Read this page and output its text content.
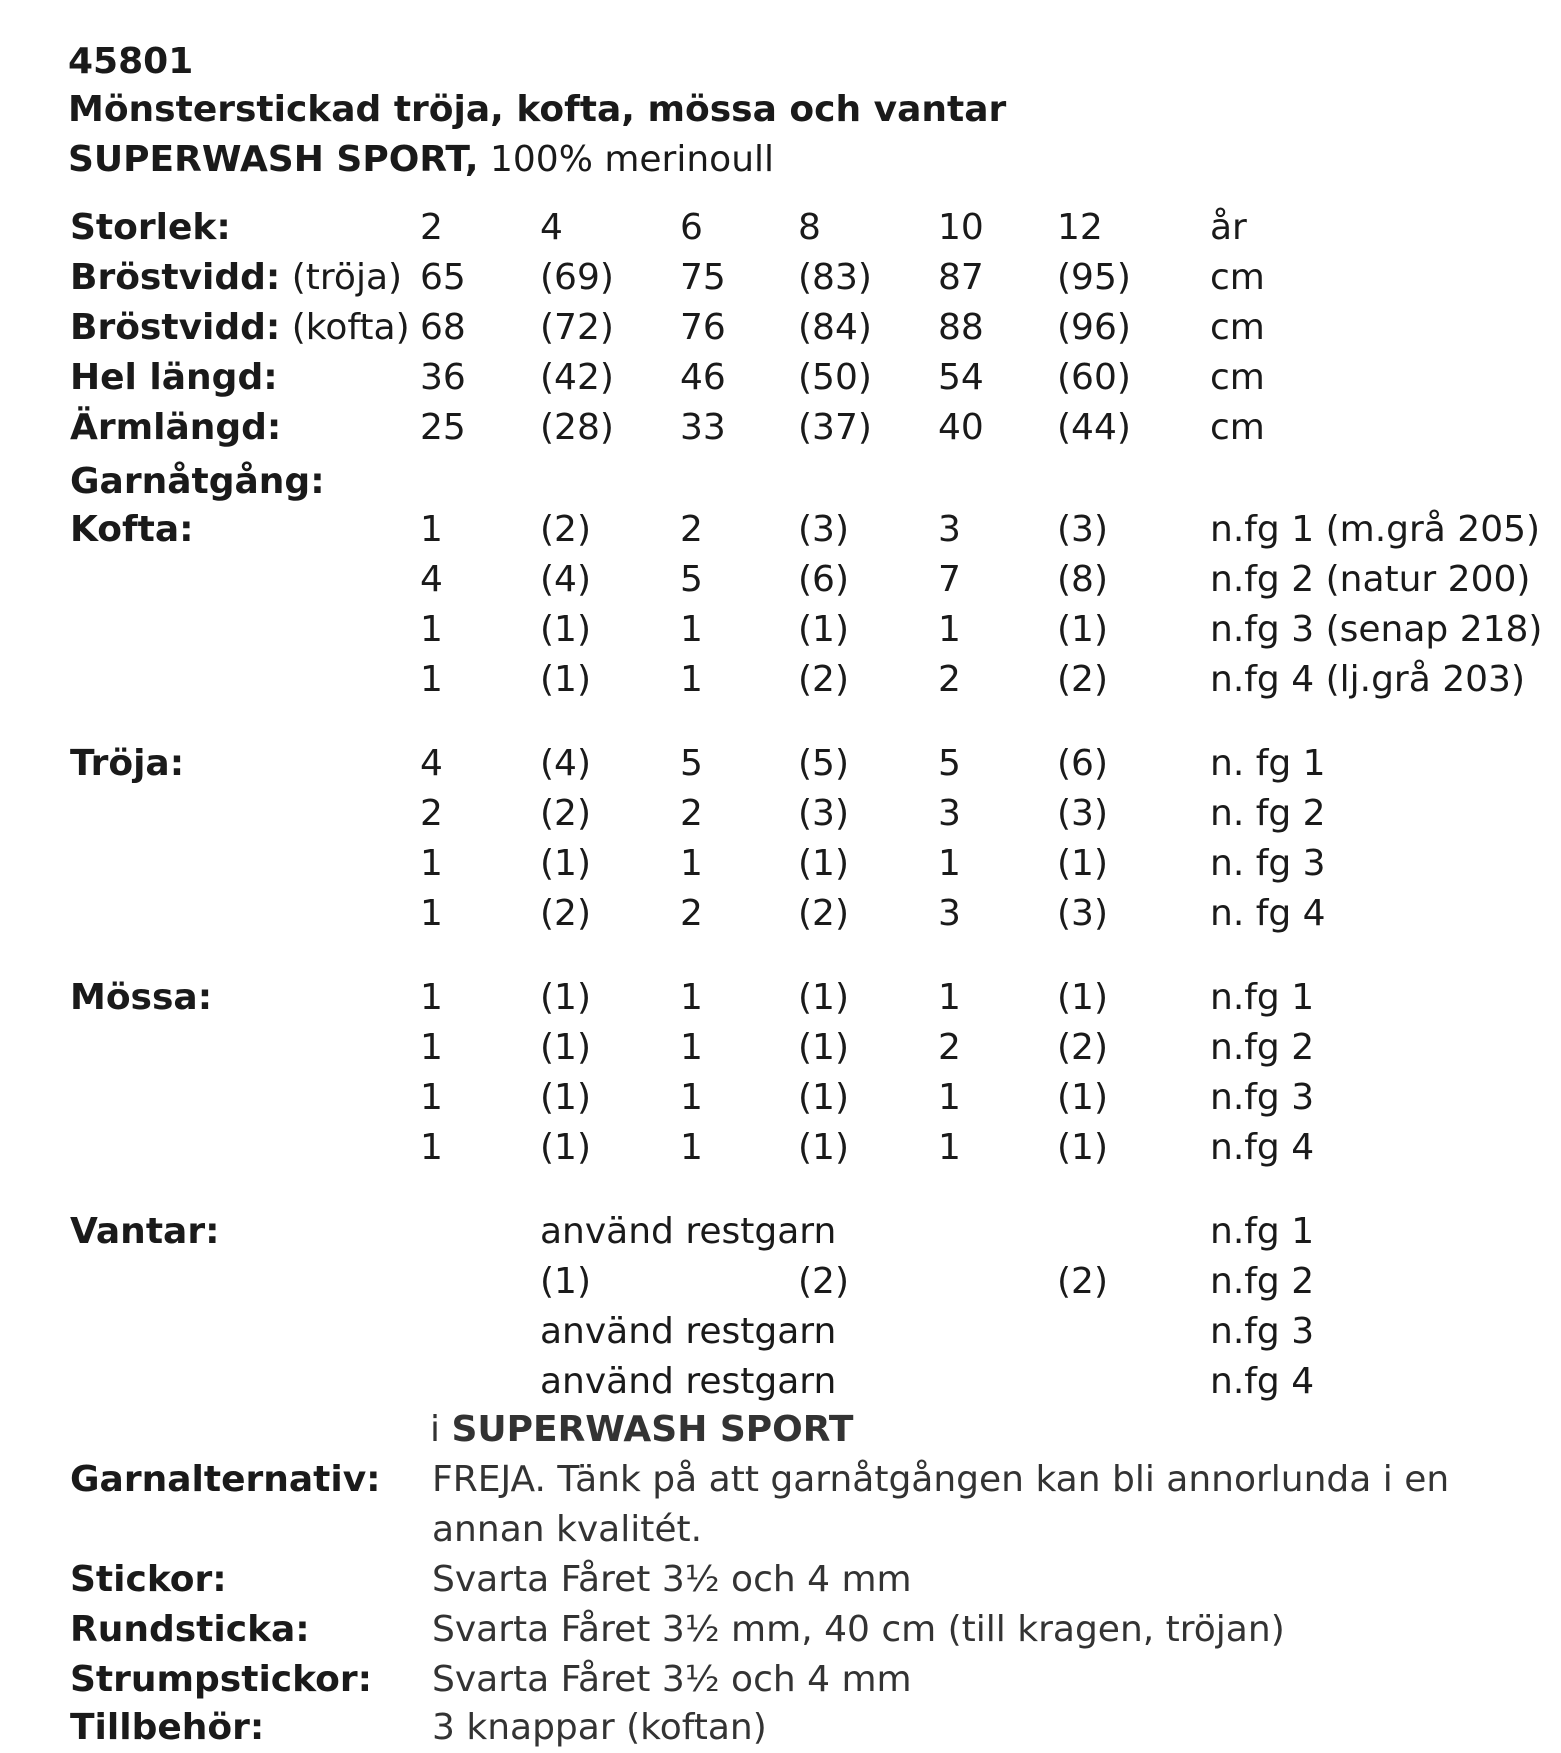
45801
Mönsterstickad tröja, kofta, mössa och vantar
SUPERWASH SPORT, 100% merinoull
Storlek:	2	4	6	8	10 12	år
Bröstvidd: (tröja) 65 (69) 75 (83) 87 (95) cm
Bröstvidd: (kofta) 68 (72) 76 (84) 88 (96) cm
Hel längd:	36 (42) 46 (50) 54 (60) cm
Ärmlängd:	25 (28) 33 (37) 40 (44) cm
Garnåtgång:
Kofta:	1	(2) 2	(3) 3	(3)	n.fg 1 (m.grå 205)
4	(4) 5	(6) 7	(8)	n.fg 2 (natur 200)
1	(1) 1	(1) 1	(1)	n.fg 3 (senap 218)
1	(1) 1	(2) 2	(2)	n.fg 4 (lj.grå 203)
Tröja:	4	(4) 5	(5) 5	(6)	n. fg 1
2	(2) 2	(3) 3	(3)	n. fg 2
1	(1) 1	(1) 1	(1)	n. fg 3
1	(2) 2	(2) 3	(3)	n. fg 4
Mössa:	1	(1) 1	(1) 1	(1)	n.fg 1
1	(1) 1	(1) 2	(2)	n.fg 2
1	(1) 1	(1) 1	(1)	n.fg 3
1	(1) 1	(1) 1	(1)	n.fg 4
Vantar:	använd restgarn	n.fg 1
(1)	(2)	(2)	n.fg 2
använd restgarn	n.fg 3
använd restgarn	n.fg 4
i SUPERWASH SPORT
Garnalternativ: FREJA. Tänk på att garnåtgången kan bli annorlunda i en
annan kvalitét.
Stickor:	Svarta Fåret 3½ och 4 mm
Rundsticka:	Svarta Fåret 3½ mm, 40 cm (till kragen, tröjan)
Strumpstickor: Svarta Fåret 3½ och 4 mm
Tillbehör:	3 knappar (koftan)
